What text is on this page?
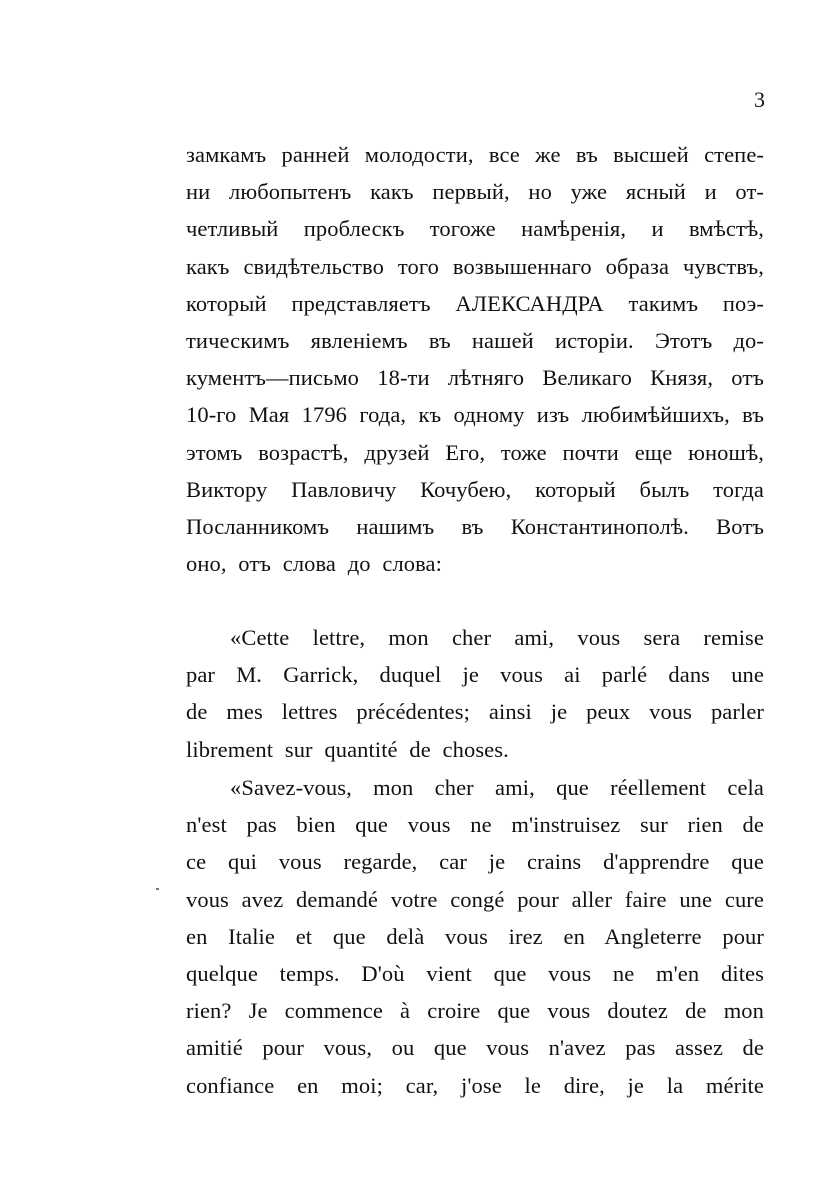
3
замкамъ ранней молодости, все же въ высшей степе-
ни любопытенъ какъ первый, но уже ясный и от-
четливый проблескъ тогоже намѣренія, и вмѣстѣ,
какъ свидѣтельство того возвышеннаго образа чувствъ,
который представляетъ АЛЕКСАНДРА такимъ поэ-
тическимъ явленіемъ въ нашей исторіи. Этотъ до-
кументъ—письмо 18-ти лѣтняго Великаго Князя, отъ
10-го Мая 1796 года, къ одному изъ любимѣйшихъ, въ
этомъ возрастѣ, друзей Его, тоже почти еще юношѣ,
Виктору Павловичу Кочубею, который былъ тогда
Посланникомъ нашимъ въ Константинополѣ. Вотъ
оно, отъ слова до слова:
«Cette lettre, mon cher ami, vous sera remise
par M. Garrick, duquel je vous ai parlé dans une
de mes lettres précédentes; ainsi je peux vous parler
librement sur quantité de choses.
«Savez-vous, mon cher ami, que réellement cela
n'est pas bien que vous ne m'instruisez sur rien de
ce qui vous regarde, car je crains d'apprendre que
vous avez demandé votre congé pour aller faire une cure
en Italie et que delà vous irez en Angleterre pour
quelque temps. D'où vient que vous ne m'en dites
rien? Je commence à croire que vous doutez de mon
amitié pour vous, ou que vous n'avez pas assez de
confiance en moi; car, j'ose le dire, je la mérite
